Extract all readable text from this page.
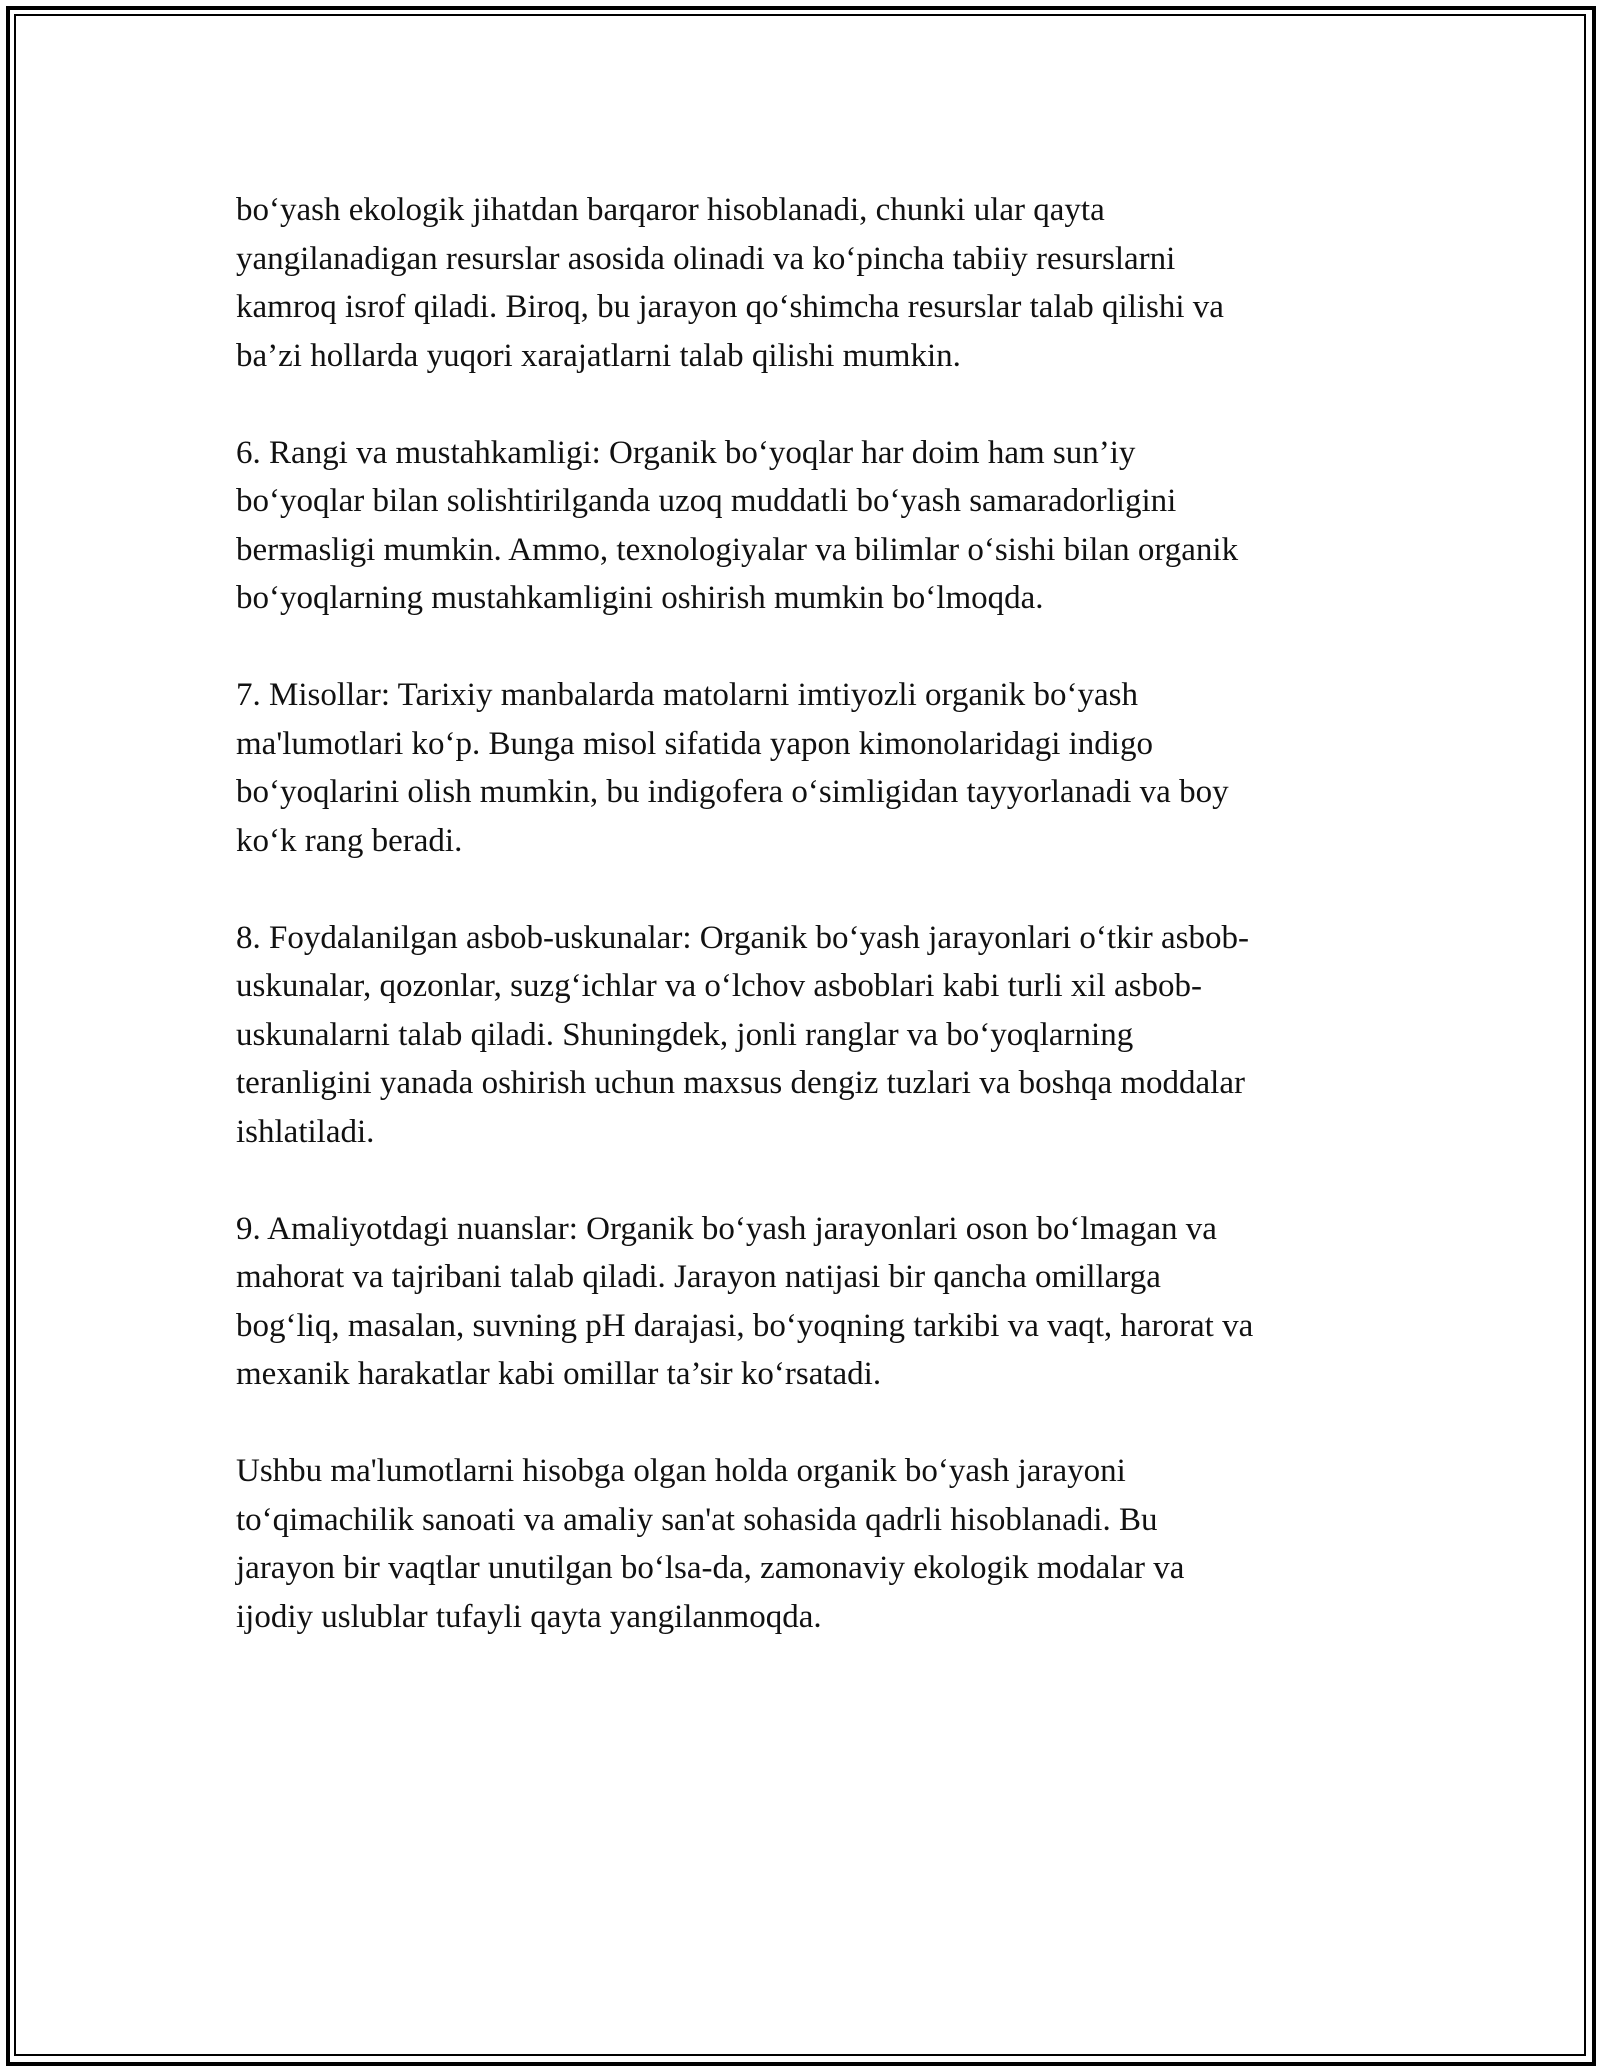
bo‘yash ekologik jihatdan barqaror hisoblanadi, chunki ular qayta
yangilanadigan resurslar asosida olinadi va ko‘pincha tabiiy resurslarni
kamroq isrof qiladi. Biroq, bu jarayon qo‘shimcha resurslar talab qilishi va
ba’zi hollarda yuqori xarajatlarni talab qilishi mumkin.

6. Rangi va mustahkamligi: Organik bo‘yoqlar har doim ham sun’iy
bo‘yoqlar bilan solishtirilganda uzoq muddatli bo‘yash samaradorligini
bermasligi mumkin. Ammo, texnologiyalar va bilimlar o‘sishi bilan organik
bo‘yoqlarning mustahkamligini oshirish mumkin bo‘lmoqda.

7. Misollar: Tarixiy manbalarda matolarni imtiyozli organik bo‘yash
ma'lumotlari ko‘p. Bunga misol sifatida yapon kimonolaridagi indigo
bo‘yoqlarini olish mumkin, bu indigofera o‘simligidan tayyorlanadi va boy
ko‘k rang beradi.

8. Foydalanilgan asbob-uskunalar: Organik bo‘yash jarayonlari o‘tkir asbob-
uskunalar, qozonlar, suzg‘ichlar va o‘lchov asboblari kabi turli xil asbob-
uskunalarni talab qiladi. Shuningdek, jonli ranglar va bo‘yoqlarning
teranligini yanada oshirish uchun maxsus dengiz tuzlari va boshqa moddalar
ishlatiladi.

9. Amaliyotdagi nuanslar: Organik bo‘yash jarayonlari oson bo‘lmagan va
mahorat va tajribani talab qiladi. Jarayon natijasi bir qancha omillarga
bog‘liq, masalan, suvning pH darajasi, bo‘yoqning tarkibi va vaqt, harorat va
mexanik harakatlar kabi omillar ta’sir ko‘rsatadi.

Ushbu ma'lumotlarni hisobga olgan holda organik bo‘yash jarayoni
to‘qimachilik sanoati va amaliy san'at sohasida qadrli hisoblanadi. Bu
jarayon bir vaqtlar unutilgan bo‘lsa-da, zamonaviy ekologik modalar va
ijodiy uslublar tufayli qayta yangilanmoqda.
